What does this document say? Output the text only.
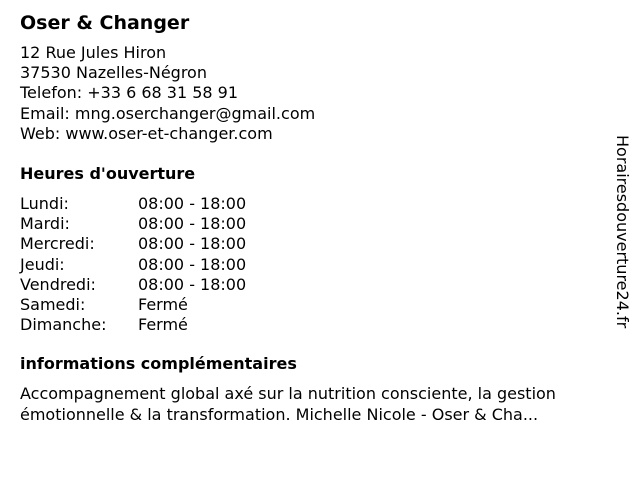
Oser & Changer
12 Rue Jules Hiron
37530 Nazelles-Négron
Telefon: +33 6 68 31 58 91
Email: mng.oserchanger@gmail.com
Web: www.oser-et-changer.com
Heures d'ouverture
Lundi:	08:00 - 18:00
Mardi:	08:00 - 18:00
Mercredi:	08:00 - 18:00
Jeudi:	08:00 - 18:00
Vendredi:	08:00 - 18:00
Samedi:	Fermé
Dimanche:	Fermé
informations complémentaires
Accompagnement global axé sur la nutrition consciente, la gestion émotionnelle & la transformation. Michelle Nicole - Oser & Cha...
Horairesdouverture24.fr
